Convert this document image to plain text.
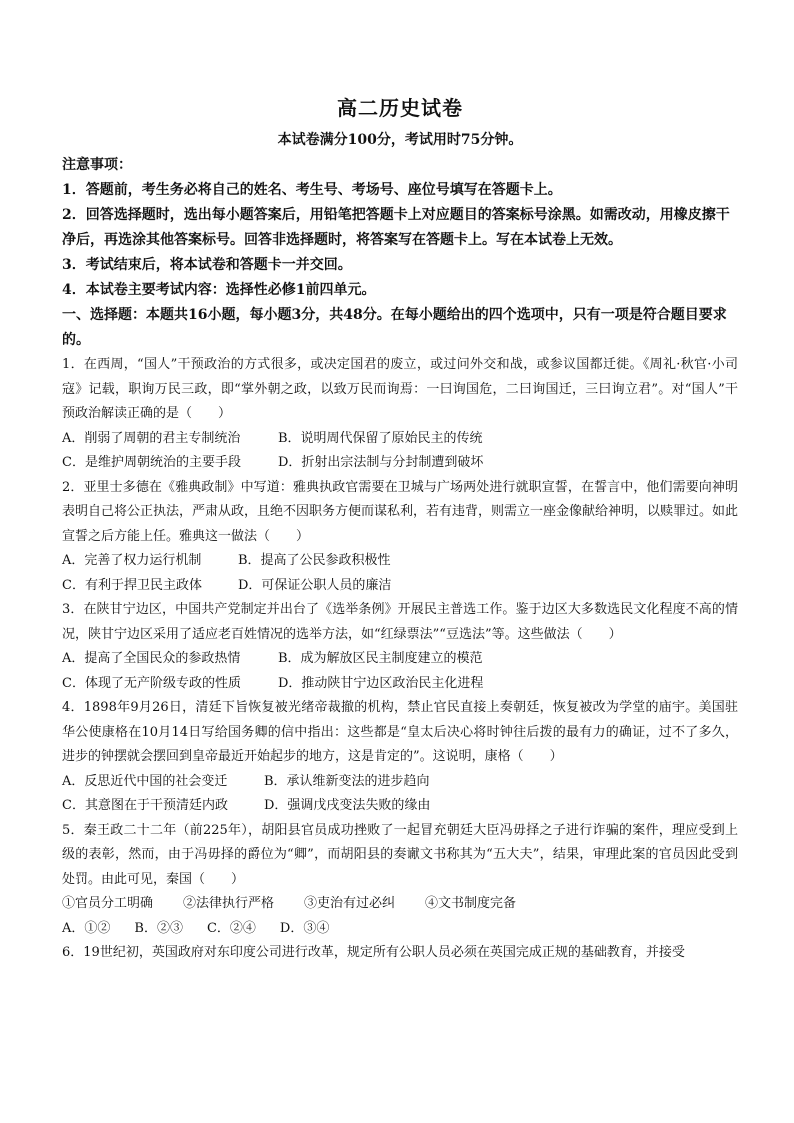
高二历史试卷
本试卷满分100分，考试用时75分钟。
注意事项：
1．答题前，考生务必将自己的姓名、考生号、考场号、座位号填写在答题卡上。
2．回答选择题时，选出每小题答案后，用铅笔把答题卡上对应题目的答案标号涂黑。如需改动，用橡皮擦干净后，再选涂其他答案标号。回答非选择题时，将答案写在答题卡上。写在本试卷上无效。
3．考试结束后，将本试卷和答题卡一并交回。
4．本试卷主要考试内容：选择性必修1前四单元。
一、选择题：本题共16小题，每小题3分，共48分。在每小题给出的四个选项中，只有一项是符合题目要求的。
1．在西周，“国人”干预政治的方式很多，或决定国君的废立，或过问外交和战，或参议国都迁徙。《周礼·秋官·小司寇》记载，职询万民三政，即“掌外朝之政，以致万民而询焉：一曰询国危，二曰询国迁，三曰询立君”。对“国人”干预政治解读正确的是（　　）
A．削弱了周朝的君主专制统治	B．说明周代保留了原始民主的传统
C．是维护周朝统治的主要手段	D．折射出宗法制与分封制遭到破坏
2．亚里士多德在《雅典政制》中写道：雅典执政官需要在卫城与广场两处进行就职宣誓，在誓言中，他们需要向神明表明自己将公正执法，严肃从政，且绝不因职务方便而谋私利，若有违背，则需立一座金像献给神明，以赎罪过。如此宣誓之后方能上任。雅典这一做法（　　）
A．完善了权力运行机制	B．提高了公民参政积极性
C．有利于捍卫民主政体	D．可保证公职人员的廉洁
3．在陕甘宁边区，中国共产党制定并出台了《选举条例》开展民主普选工作。鉴于边区大多数选民文化程度不高的情况，陕甘宁边区采用了适应老百姓情况的选举方法，如“红绿票法”“豆选法”等。这些做法（　　）
A．提高了全国民众的参政热情	B．成为解放区民主制度建立的模范
C．体现了无产阶级专政的性质	D．推动陕甘宁边区政治民主化进程
4．1898年9月26日，清廷下旨恢复被光绪帝裁撤的机构，禁止官民直接上奏朝廷，恢复被改为学堂的庙宇。美国驻华公使康格在10月14日写给国务卿的信中指出：这些都是“皇太后决心将时钟往后拨的最有力的确证，过不了多久，进步的钟摆就会摆回到皇帝最近开始起步的地方，这是肯定的”。这说明，康格（　　）
A．反思近代中国的社会变迁	B．承认维新变法的进步趋向
C．其意图在于干预清廷内政	D．强调戊戌变法失败的缘由
5．秦王政二十二年（前225年），胡阳县官员成功挫败了一起冒充朝廷大臣冯毋择之子进行诈骗的案件，理应受到上级的表彰，然而，由于冯毋择的爵位为“卿”，而胡阳县的奏谳文书称其为“五大夫”，结果，审理此案的官员因此受到处罚。由此可见，秦国（　　）
①官员分工明确 ②法律执行严格 ③吏治有过必纠 ④文书制度完备
A．①② B．②③ C．②④ D．③④
6．19世纪初，英国政府对东印度公司进行改革，规定所有公职人员必须在英国完成正规的基础教育，并接受
